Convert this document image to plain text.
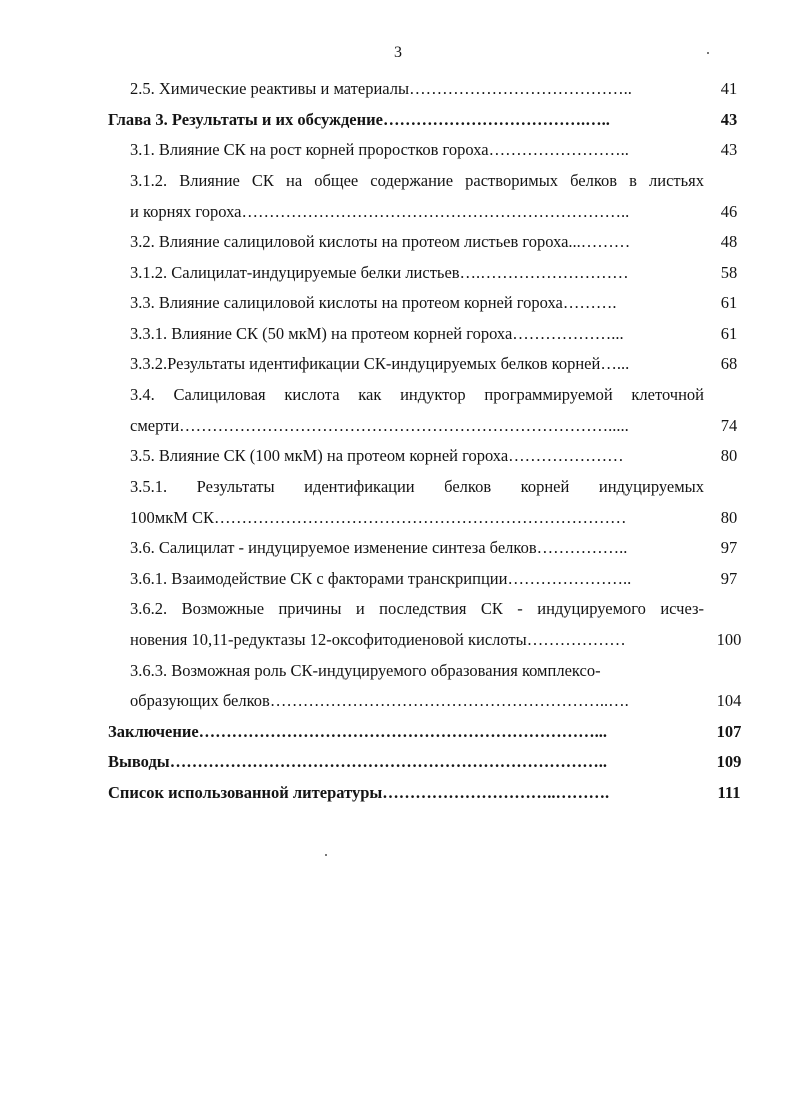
3
2.5. Химические реактивы и материалы…………………………………..	41
Глава 3. Результаты и их обсуждение……………………………….…..	43
3.1. Влияние СК на рост корней проростков гороха……………………..	43
3.1.2. Влияние СК на общее содержание растворимых белков в листьях
и корнях гороха……………………………………………………………..	46
3.2. Влияние салициловой кислоты на протеом листьев гороха...………	48
3.1.2. Салицилат-индуцируемые белки листьев….………………………	58
3.3. Влияние салициловой кислоты на протеом корней гороха……….	61
3.3.1. Влияние СК (50 мкМ) на протеом корней гороха………………...	61
3.3.2.Результаты идентификации СК-индуцируемых белков корней…...	68
3.4. Салициловая кислота как индуктор программируемой клеточной
смерти…………………………………………………………………….....	74
3.5. Влияние СК (100 мкМ) на протеом корней гороха…………………	80
3.5.1. Результаты идентификации белков корней индуцируемых
100мкМ СК…………………………………………………………………	80
3.6. Салицилат - индуцируемое изменение синтеза белков……………..	97
3.6.1. Взаимодействие СК с факторами транскрипции…………………..	97
3.6.2. Возможные причины и последствия СК - индуцируемого исчез-
новения 10,11-редуктазы 12-оксофитодиеновой кислоты………………	100
3.6.3. Возможная роль СК-индуцируемого образования комплексо-
образующих белков……………………………………………………..….	104
Заключение………………………………………………………………...	107
Выводы……………………………………………………………………..	109
Список использованной литературы…………………………..……….	111
